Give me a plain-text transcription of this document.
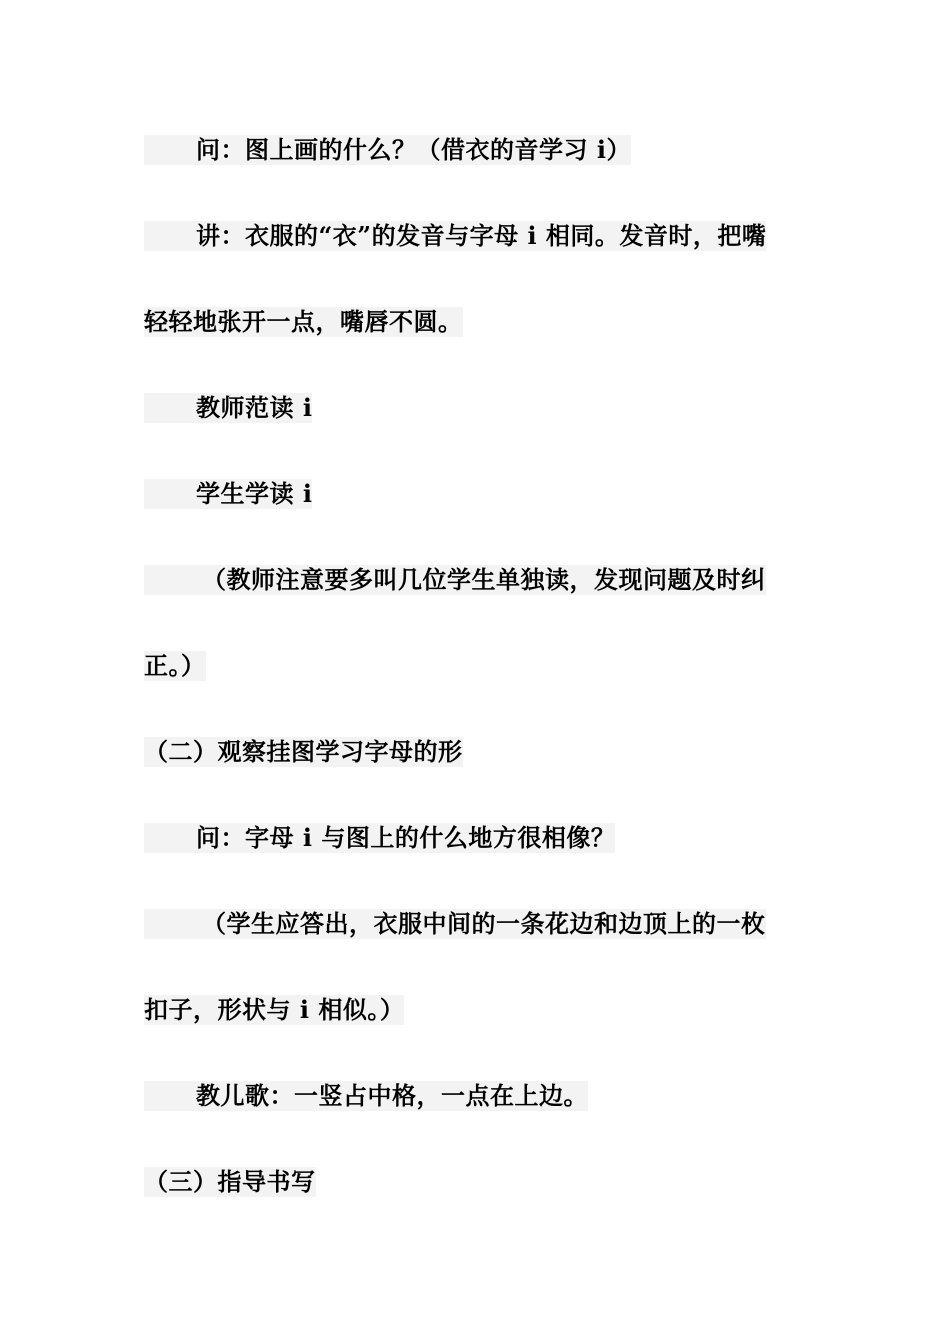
问：图上画的什么？（借衣的音学习 i）
讲：衣服的“衣”的发音与字母 i 相同。发音时，把嘴
轻轻地张开一点，嘴唇不圆。
教师范读 i
学生学读 i
（教师注意要多叫几位学生单独读，发现问题及时纠
正。）
（二）观察挂图学习字母的形
问：字母 i 与图上的什么地方很相像？
（学生应答出，衣服中间的一条花边和边顶上的一枚
扣子，形状与 i 相似。）
教儿歌：一竖占中格，一点在上边。
（三）指导书写
